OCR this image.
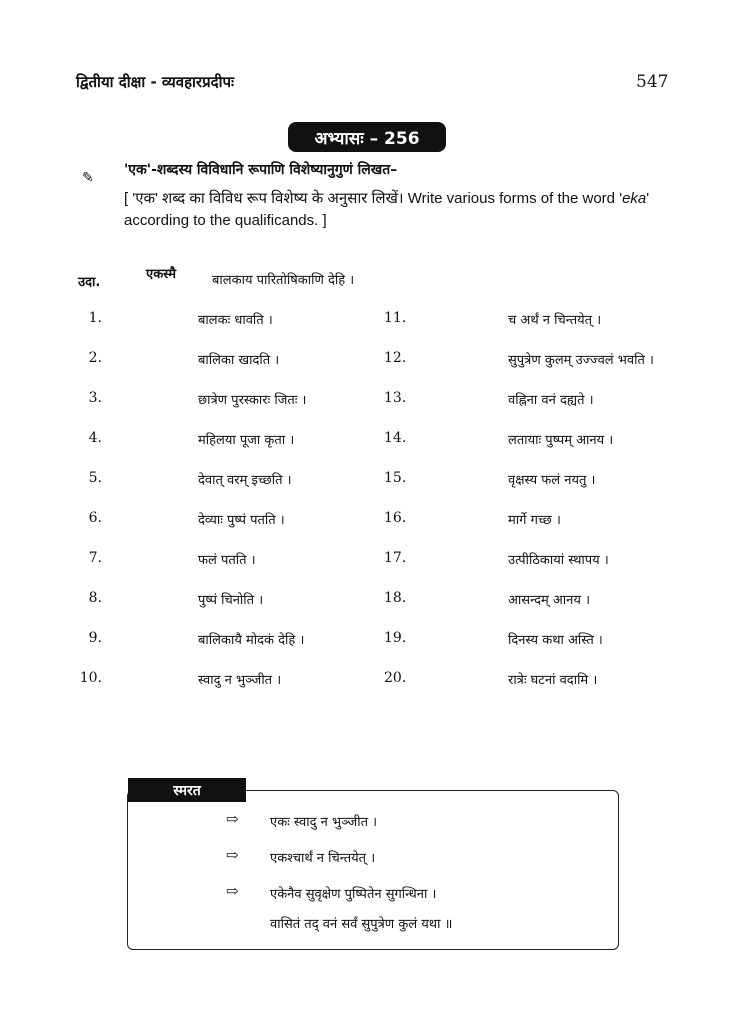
द्वितीया दीक्षा - व्यवहारप्रदीपः	547
अभ्यासः – 256
✎ 'एक'-शब्दस्य विविधानि रूपाणि विशेष्यानुगुणं लिखत–
[ 'एक' शब्द का विविध रूप विशेष्य के अनुसार लिखें। Write various forms of the word 'eka' according to the qualificands. ]
उदा.
एकस्मै	बालकाय पारितोषिकाणि देहि ।
1.	बालकः धावति ।	11.	च अर्थं न चिन्तयेत् ।
2.	बालिका खादति ।	12.	सुपुत्रेण कुलम् उज्ज्वलं भवति ।
3.	छात्रेण पुरस्कारः जितः ।	13.	वह्निना वनं दह्यते ।
4.	महिलया पूजा कृता ।	14.	लतायाः पुष्पम् आनय ।
5.	देवात् वरम् इच्छति ।	15.	वृक्षस्य फलं नयतु ।
6.	देव्याः पुष्पं पतति ।	16.	मार्गे गच्छ ।
7.	फलं पतति ।	17.	उत्पीठिकायां स्थापय ।
8.	पुष्पं चिनोति ।	18.	आसन्दम् आनय ।
9.	बालिकायै मोदकं देहि ।	19.	दिनस्य कथा अस्ति ।
10.	स्वादु न भुञ्जीत ।	20.	रात्रेः घटनां वदामि ।
स्मरत
⇨ एकः स्वादु न भुञ्जीत ।
⇨ एकश्चार्थं न चिन्तयेत् ।
⇨ एकेनैव सुवृक्षेण पुष्पितेन सुगन्धिना ।
वासितं तद् वनं सर्वं सुपुत्रेण कुलं यथा ॥
